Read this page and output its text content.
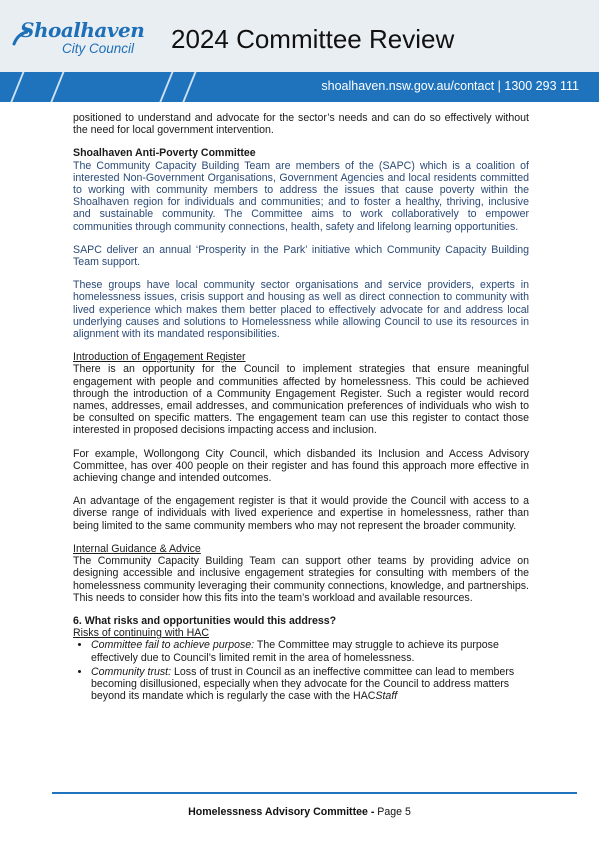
Shoalhaven
City Council 2024 Committee Review
shoalhaven.nsw.gov.au/contact | 1300 293 111

positioned to understand and advocate for the sector’s needs and can do so effectively without the need for local government intervention.

Shoalhaven Anti-Poverty Committee

The Community Capacity Building Team are members of the (SAPC) which is a coalition of interested Non-Government Organisations, Government Agencies and local residents committed to working with community members to address the issues that cause poverty within the Shoalhaven region for individuals and communities; and to foster a healthy, thriving, inclusive and sustainable community. The Committee aims to work collaboratively to empower communities through community connections, health, safety and lifelong learning opportunities.

SAPC deliver an annual ‘Prosperity in the Park’ initiative which Community Capacity Building Team support.

These groups have local community sector organisations and service providers, experts in homelessness issues, crisis support and housing as well as direct connection to community with lived experience which makes them better placed to effectively advocate for and address local underlying causes and solutions to Homelessness while allowing Council to use its resources in alignment with its mandated responsibilities.

Introduction of Engagement Register

There is an opportunity for the Council to implement strategies that ensure meaningful engagement with people and communities affected by homelessness. This could be achieved through the introduction of a Community Engagement Register. Such a register would record names, addresses, email addresses, and communication preferences of individuals who wish to be consulted on specific matters. The engagement team can use this register to contact those interested in proposed decisions impacting access and inclusion.

For example, Wollongong City Council, which disbanded its Inclusion and Access Advisory Committee, has over 400 people on their register and has found this approach more effective in achieving change and intended outcomes.

An advantage of the engagement register is that it would provide the Council with access to a diverse range of individuals with lived experience and expertise in homelessness, rather than being limited to the same community members who may not represent the broader community.

Internal Guidance & Advice

The Community Capacity Building Team can support other teams by providing advice on designing accessible and inclusive engagement strategies for consulting with members of the homelessness community leveraging their community connections, knowledge, and partnerships. This needs to consider how this fits into the team’s workload and available resources.

6. What risks and opportunities would this address?

Risks of continuing with HAC

• Committee fail to achieve purpose: The Committee may struggle to achieve its purpose effectively due to Council’s limited remit in the area of homelessness.
• Community trust: Loss of trust in Council as an ineffective committee can lead to members becoming disillusioned, especially when they advocate for the Council to address matters beyond its mandate which is regularly the case with the HACStaff
Homelessness Advisory Committee - Page 5
